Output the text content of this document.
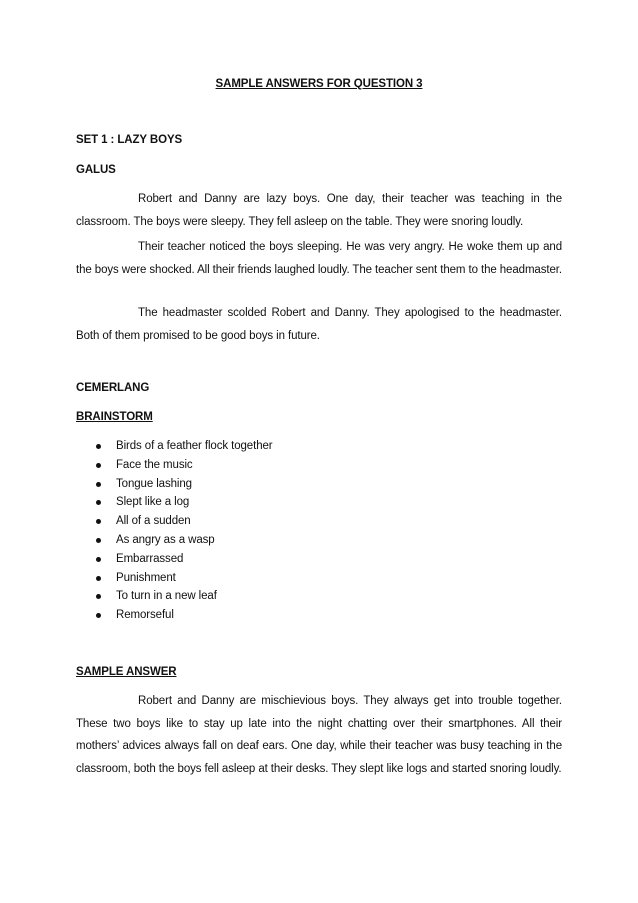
SAMPLE ANSWERS FOR QUESTION 3
SET 1 : LAZY BOYS
GALUS
Robert and Danny are lazy boys. One day, their teacher was teaching in the classroom. The boys were sleepy. They fell asleep on the table. They were snoring loudly.
Their teacher noticed the boys sleeping. He was very angry. He woke them up and the boys were shocked. All their friends laughed loudly. The teacher sent them to the headmaster.
The headmaster scolded Robert and Danny. They apologised to the headmaster. Both of them promised to be good boys in future.
CEMERLANG
BRAINSTORM
Birds of a feather flock together
Face the music
Tongue lashing
Slept like a log
All of a sudden
As angry as a wasp
Embarrassed
Punishment
To turn in a new leaf
Remorseful
SAMPLE ANSWER
Robert and Danny are mischievious boys. They always get into trouble together. These two boys like to stay up late into the night chatting over their smartphones. All their mothers’ advices always fall on deaf ears. One day, while their teacher was busy teaching in the classroom, both the boys fell asleep at their desks. They slept like logs and started snoring loudly.
